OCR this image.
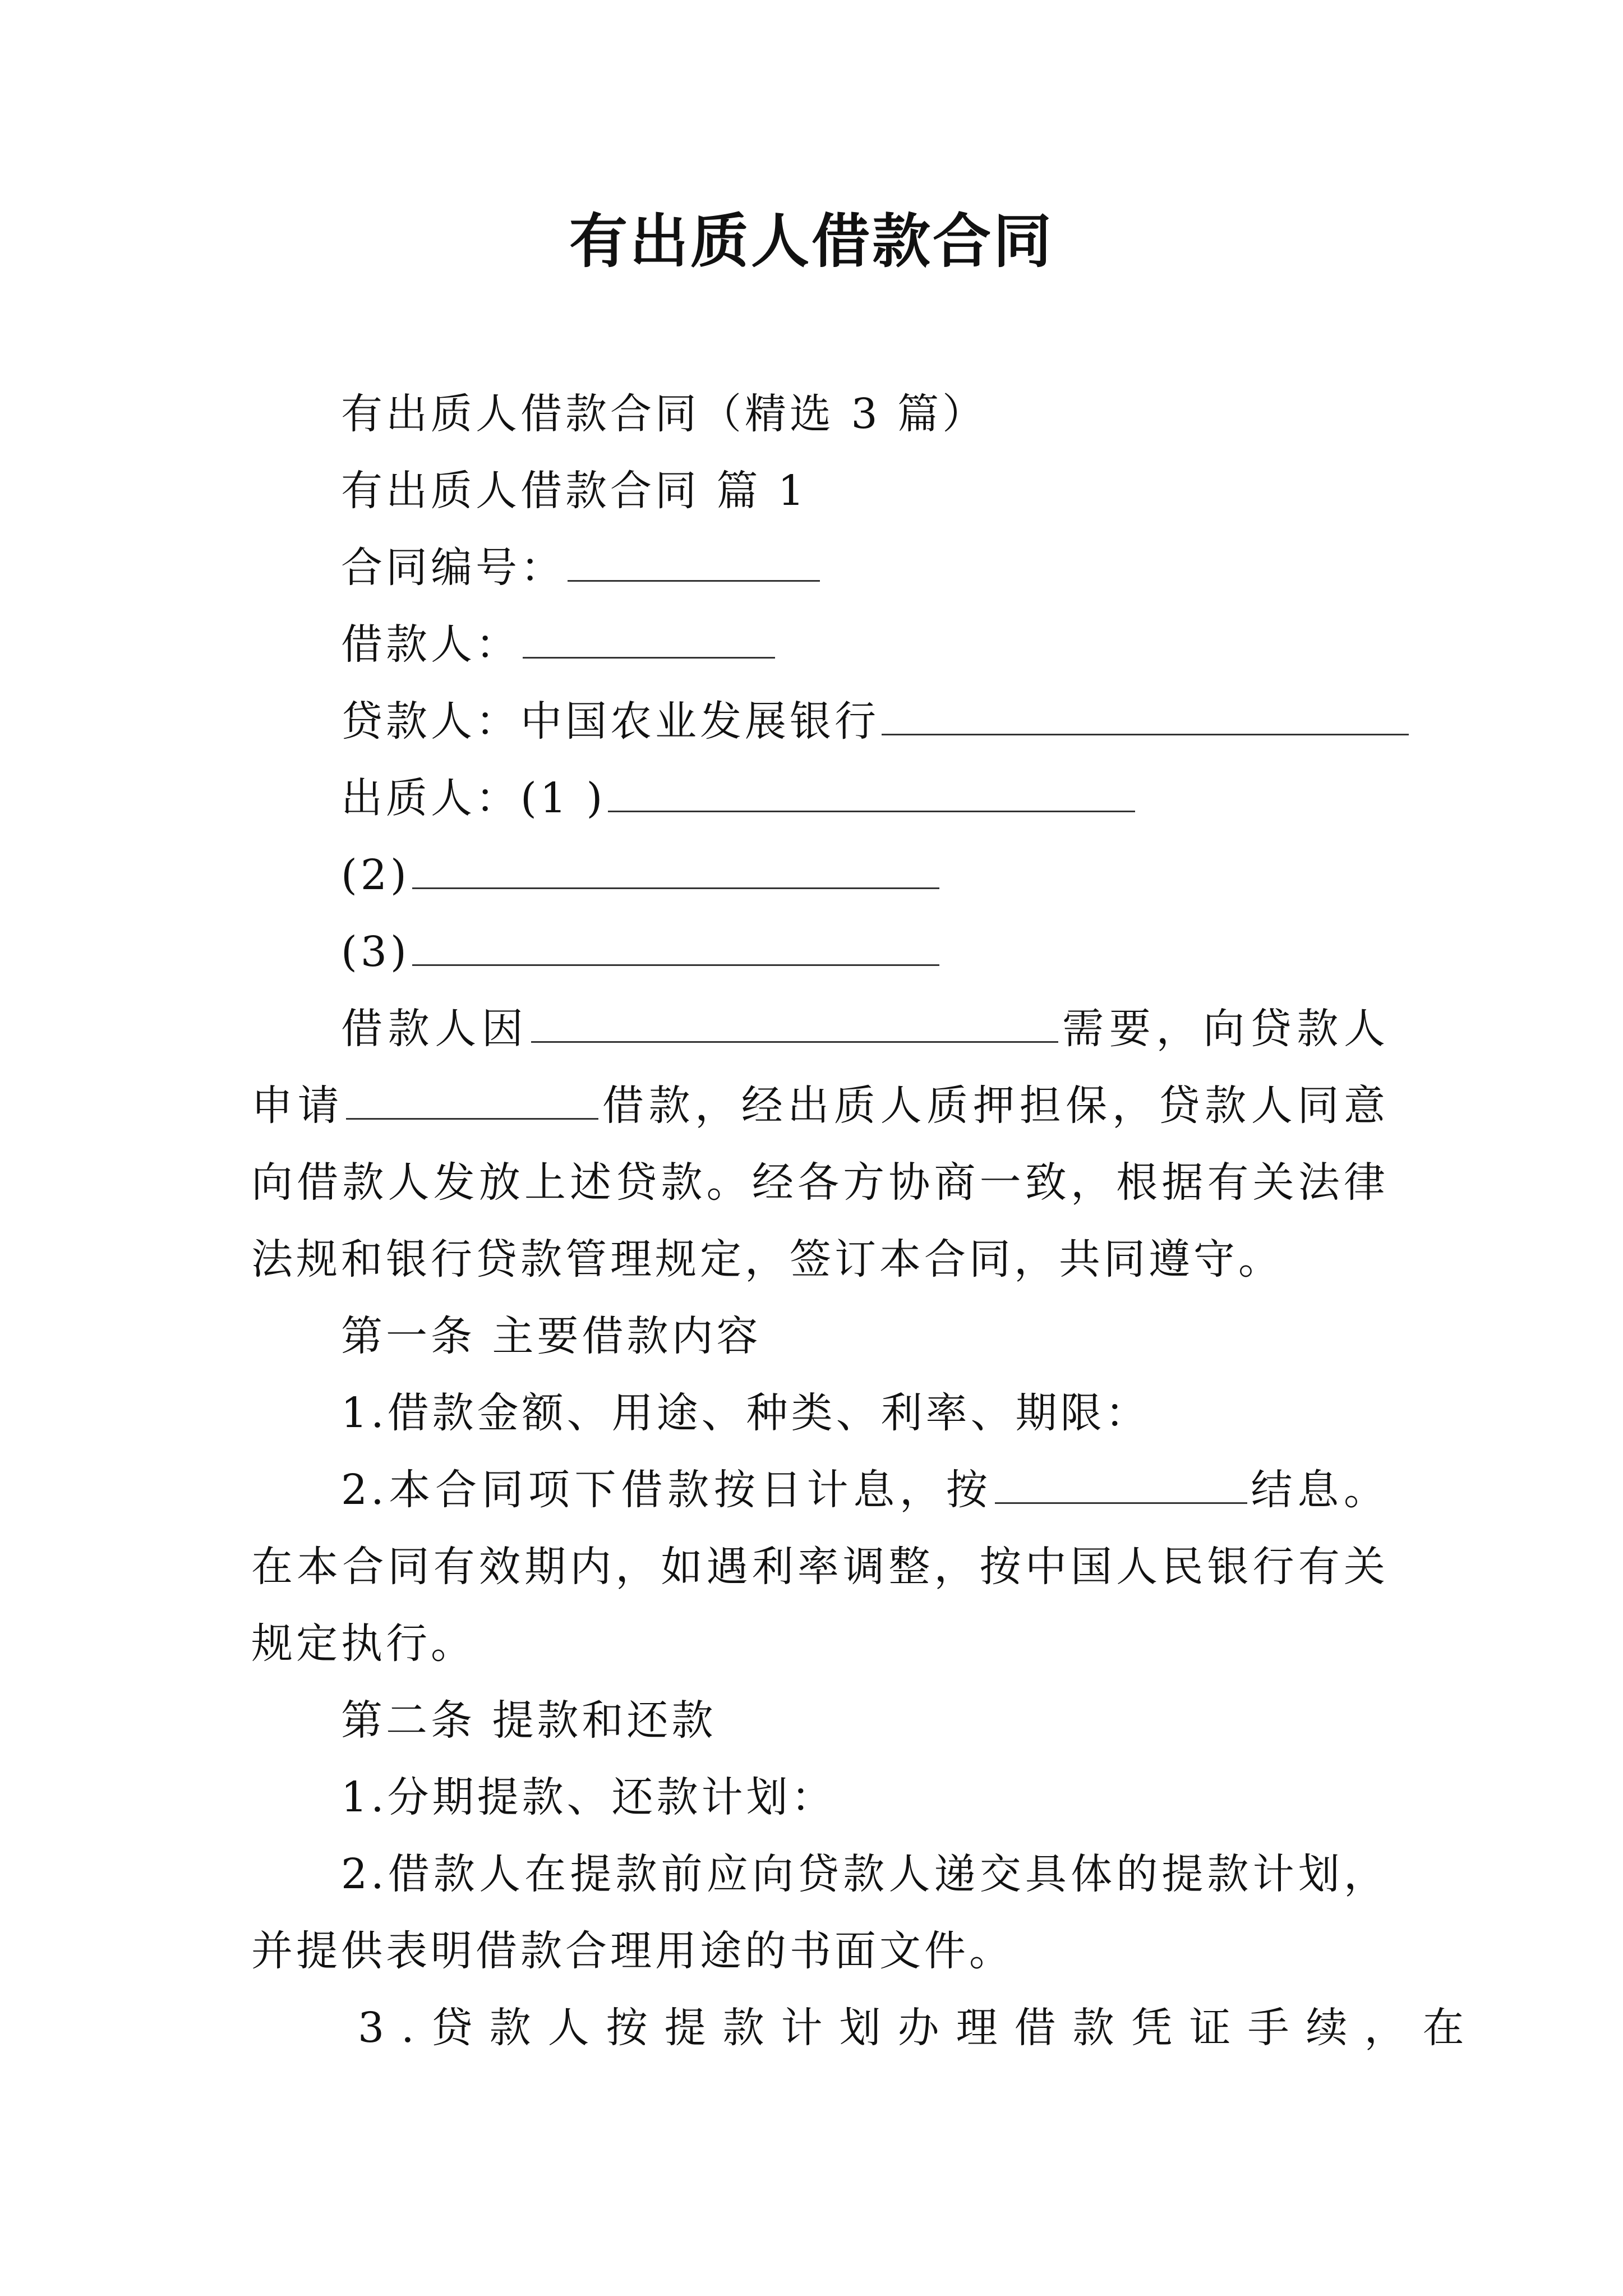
有出质人借款合同
有出质人借款合同（精选 3 篇）
有出质人借款合同 篇 1
合同编号：
借款人：
贷款人：中国农业发展银行
出质人：(1 )
(2)
(3)
借款人因	需要，向贷款人申请	借款，经出质人质押担保，贷款人同意向借款人发放上述贷款。经各方协商一致，根据有关法律法规和银行贷款管理规定，签订本合同，共同遵守。
第一条 主要借款内容
1.借款金额、用途、种类、利率、期限：
2.本合同项下借款按日计息，按	结息。在本合同有效期内，如遇利率调整，按中国人民银行有关规定执行。
第二条 提款和还款
1.分期提款、还款计划：
2.借款人在提款前应向贷款人递交具体的提款计划，并提供表明借款合理用途的书面文件。
3.贷款人按提款计划办理借款凭证手续，在
